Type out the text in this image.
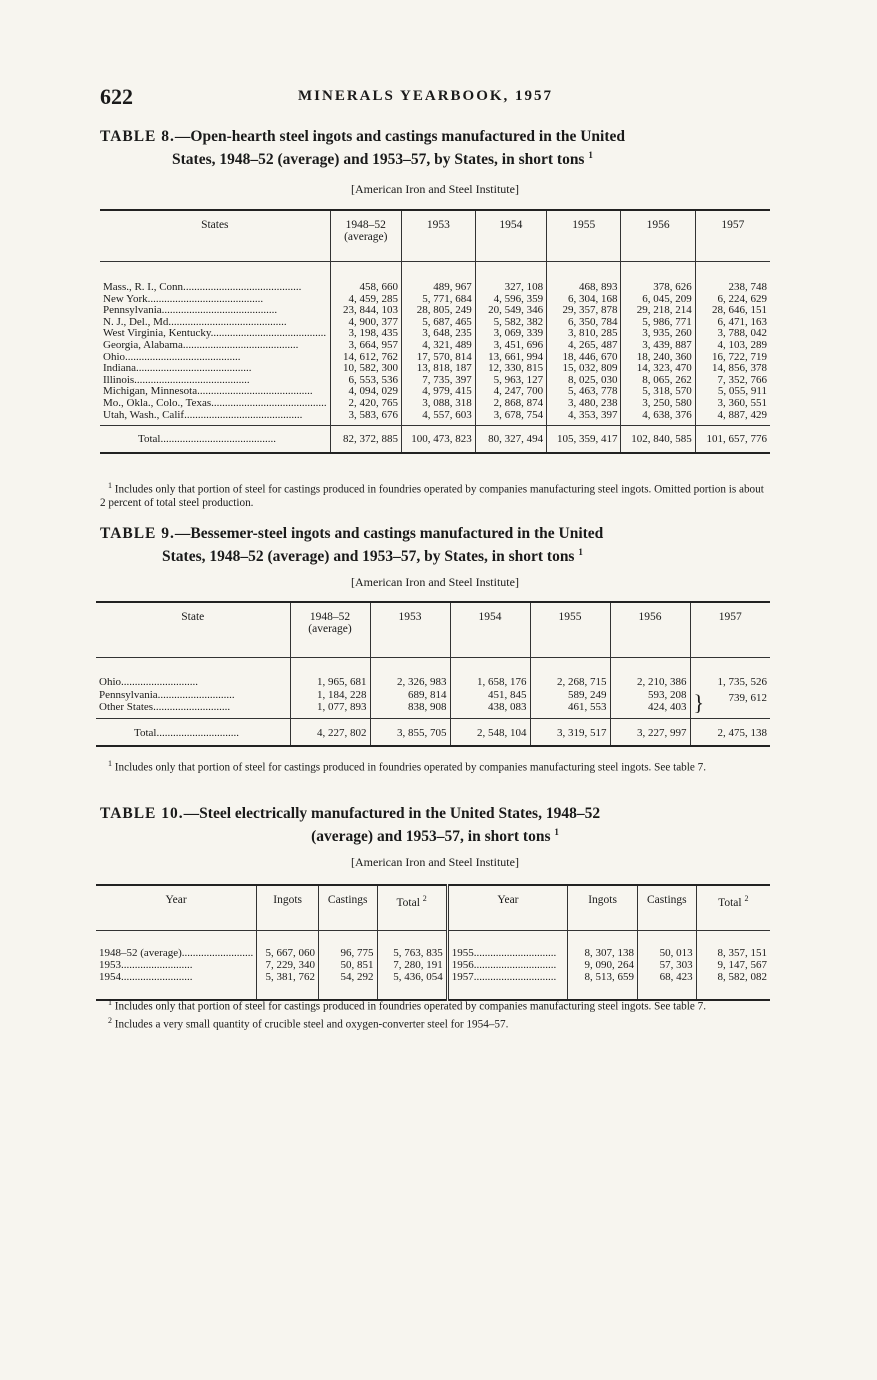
622	MINERALS YEARBOOK, 1957
TABLE 8.—Open-hearth steel ingots and castings manufactured in the United
States, 1948–52 (average) and 1953–57, by States, in short tons $^1$
[American Iron and Steel Institute]
States	1948–52 (average)	1953	1954	1955	1956	1957
Mass., R. I., Conn...........................................	458, 660	489, 967	327, 108	468, 893	378, 626	238, 748
New York..........................................	4, 459, 285	5, 771, 684	4, 596, 359	6, 304, 168	6, 045, 209	6, 224, 629
Pennsylvania..........................................	23, 844, 103	28, 805, 249	20, 549, 346	29, 357, 878	29, 218, 214	28, 646, 151
N. J., Del., Md...........................................	4, 900, 377	5, 687, 465	5, 582, 382	6, 350, 784	5, 986, 771	6, 471, 163
West Virginia, Kentucky..........................................	3, 198, 435	3, 648, 235	3, 069, 339	3, 810, 285	3, 935, 260	3, 788, 042
Georgia, Alabama..........................................	3, 664, 957	4, 321, 489	3, 451, 696	4, 265, 487	3, 439, 887	4, 103, 289
Ohio..........................................	14, 612, 762	17, 570, 814	13, 661, 994	18, 446, 670	18, 240, 360	16, 722, 719
Indiana..........................................	10, 582, 300	13, 818, 187	12, 330, 815	15, 032, 809	14, 323, 470	14, 856, 378
Illinois..........................................	6, 553, 536	7, 735, 397	5, 963, 127	8, 025, 030	8, 065, 262	7, 352, 766
Michigan, Minnesota..........................................	4, 094, 029	4, 979, 415	4, 247, 700	5, 463, 778	5, 318, 570	5, 055, 911
Mo., Okla., Colo., Texas..........................................	2, 420, 765	3, 088, 318	2, 868, 874	3, 480, 238	3, 250, 580	3, 360, 551
Utah, Wash., Calif...........................................	3, 583, 676	4, 557, 603	3, 678, 754	4, 353, 397	4, 638, 376	4, 887, 429
Total..........................................	82, 372, 885	100, 473, 823	80, 327, 494	105, 359, 417	102, 840, 585	101, 657, 776

$^1$ Includes only that portion of steel for castings produced in foundries operated by companies manufacturing steel ingots. Omitted portion is about 2 percent of total steel production.

TABLE 9.—Bessemer-steel ingots and castings manufactured in the United
States, 1948–52 (average) and 1953–57, by States, in short tons $^1$
[American Iron and Steel Institute]
State	1948–52 (average)	1953	1954	1955	1956	1957
Ohio............................	1, 965, 681	2, 326, 983	1, 658, 176	2, 268, 715	2, 210, 386	1, 735, 526
Pennsylvania............................	1, 184, 228	689, 814	451, 845	589, 249	593, 208	} 739, 612
Other States............................	1, 077, 893	838, 908	438, 083	461, 553	424, 403	
Total..............................	4, 227, 802	3, 855, 705	2, 548, 104	3, 319, 517	3, 227, 997	2, 475, 138

$^1$ Includes only that portion of steel for castings produced in foundries operated by companies manufacturing steel ingots. See table 7.

TABLE 10.—Steel electrically manufactured in the United States, 1948–52
(average) and 1953–57, in short tons $^1$
[American Iron and Steel Institute]
Year	Ingots	Castings	Total $^2$	Year	Ingots	Castings	Total $^2$
1948–52 (average)..........................	5, 667, 060	96, 775	5, 763, 835	1955..............................	8, 307, 138	50, 013	8, 357, 151
1953..........................	7, 229, 340	50, 851	7, 280, 191	1956..............................	9, 090, 264	57, 303	9, 147, 567
1954..........................	5, 381, 762	54, 292	5, 436, 054	1957..............................	8, 513, 659	68, 423	8, 582, 082

$^1$ Includes only that portion of steel for castings produced in foundries operated by companies manufacturing steel ingots. See table 7.

$^2$ Includes a very small quantity of crucible steel and oxygen-converter steel for 1954–57.
